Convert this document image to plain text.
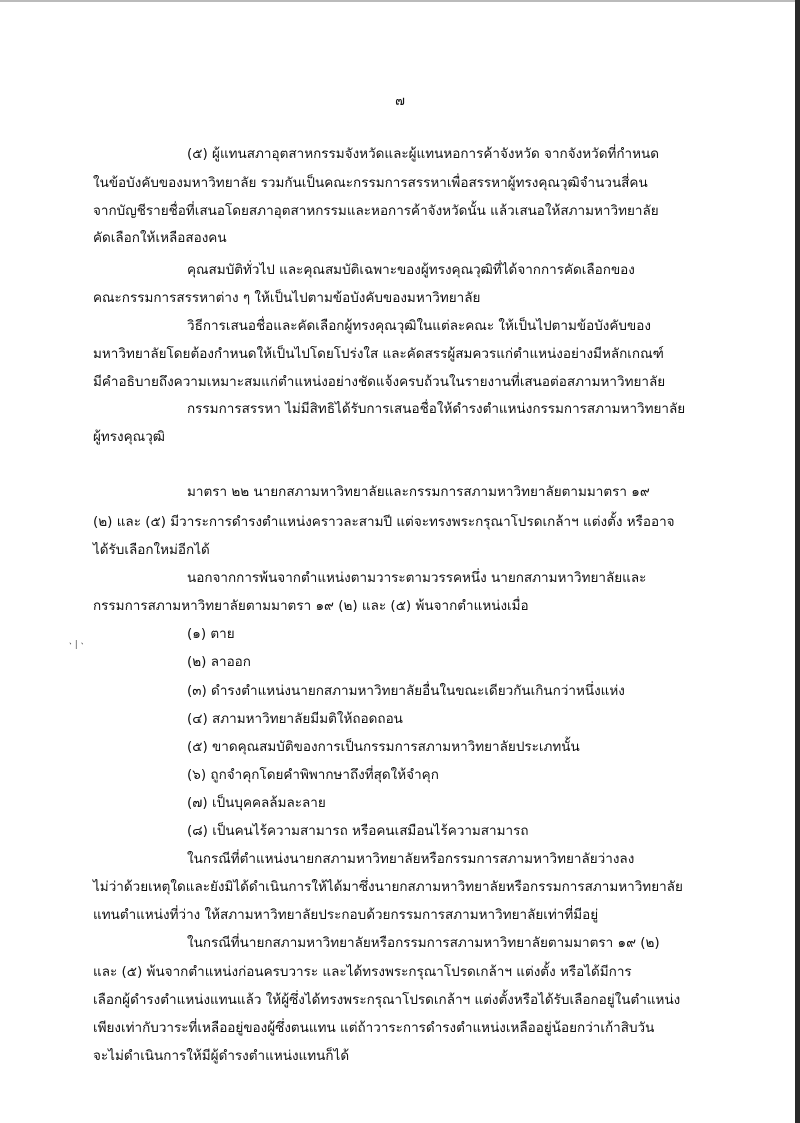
๗
ㆍ|ㆍ
(๕) ผู้แทนสภาอุตสาหกรรมจังหวัดและผู้แทนหอการค้าจังหวัด จากจังหวัดที่กำหนด
ในข้อบังคับของมหาวิทยาลัย รวมกันเป็นคณะกรรมการสรรหาเพื่อสรรหาผู้ทรงคุณวุฒิจำนวนสี่คน
จากบัญชีรายชื่อที่เสนอโดยสภาอุตสาหกรรมและหอการค้าจังหวัดนั้น แล้วเสนอให้สภามหาวิทยาลัย
คัดเลือกให้เหลือสองคน
คุณสมบัติทั่วไป และคุณสมบัติเฉพาะของผู้ทรงคุณวุฒิที่ได้จากการคัดเลือกของ
คณะกรรมการสรรหาต่าง ๆ ให้เป็นไปตามข้อบังคับของมหาวิทยาลัย
วิธีการเสนอชื่อและคัดเลือกผู้ทรงคุณวุฒิในแต่ละคณะ ให้เป็นไปตามข้อบังคับของ
มหาวิทยาลัยโดยต้องกำหนดให้เป็นไปโดยโปร่งใส และคัดสรรผู้สมควรแก่ตำแหน่งอย่างมีหลักเกณฑ์
มีคำอธิบายถึงความเหมาะสมแก่ตำแหน่งอย่างชัดแจ้งครบถ้วนในรายงานที่เสนอต่อสภามหาวิทยาลัย
กรรมการสรรหา ไม่มีสิทธิได้รับการเสนอชื่อให้ดำรงตำแหน่งกรรมการสภามหาวิทยาลัย
ผู้ทรงคุณวุฒิ
มาตรา ๒๒ นายกสภามหาวิทยาลัยและกรรมการสภามหาวิทยาลัยตามมาตรา ๑๙
(๒) และ (๕) มีวาระการดำรงตำแหน่งคราวละสามปี แต่จะทรงพระกรุณาโปรดเกล้าฯ แต่งตั้ง หรืออาจ
ได้รับเลือกใหม่อีกได้
นอกจากการพ้นจากตำแหน่งตามวาระตามวรรคหนึ่ง นายกสภามหาวิทยาลัยและ
กรรมการสภามหาวิทยาลัยตามมาตรา ๑๙ (๒) และ (๕) พ้นจากตำแหน่งเมื่อ
(๑) ตาย
(๒) ลาออก
(๓) ดำรงตำแหน่งนายกสภามหาวิทยาลัยอื่นในขณะเดียวกันเกินกว่าหนึ่งแห่ง
(๔) สภามหาวิทยาลัยมีมติให้ถอดถอน
(๕) ขาดคุณสมบัติของการเป็นกรรมการสภามหาวิทยาลัยประเภทนั้น
(๖) ถูกจำคุกโดยคำพิพากษาถึงที่สุดให้จำคุก
(๗) เป็นบุคคลล้มละลาย
(๘) เป็นคนไร้ความสามารถ หรือคนเสมือนไร้ความสามารถ
ในกรณีที่ตำแหน่งนายกสภามหาวิทยาลัยหรือกรรมการสภามหาวิทยาลัยว่างลง
ไม่ว่าด้วยเหตุใดและยังมิได้ดำเนินการให้ได้มาซึ่งนายกสภามหาวิทยาลัยหรือกรรมการสภามหาวิทยาลัย
แทนตำแหน่งที่ว่าง ให้สภามหาวิทยาลัยประกอบด้วยกรรมการสภามหาวิทยาลัยเท่าที่มีอยู่
ในกรณีที่นายกสภามหาวิทยาลัยหรือกรรมการสภามหาวิทยาลัยตามมาตรา ๑๙ (๒)
และ (๕) พ้นจากตำแหน่งก่อนครบวาระ และได้ทรงพระกรุณาโปรดเกล้าฯ แต่งตั้ง หรือได้มีการ
เลือกผู้ดำรงตำแหน่งแทนแล้ว ให้ผู้ซึ่งได้ทรงพระกรุณาโปรดเกล้าฯ แต่งตั้งหรือได้รับเลือกอยู่ในตำแหน่ง
เพียงเท่ากับวาระที่เหลืออยู่ของผู้ซึ่งตนแทน แต่ถ้าวาระการดำรงตำแหน่งเหลืออยู่น้อยกว่าเก้าสิบวัน
จะไม่ดำเนินการให้มีผู้ดำรงตำแหน่งแทนก็ได้
